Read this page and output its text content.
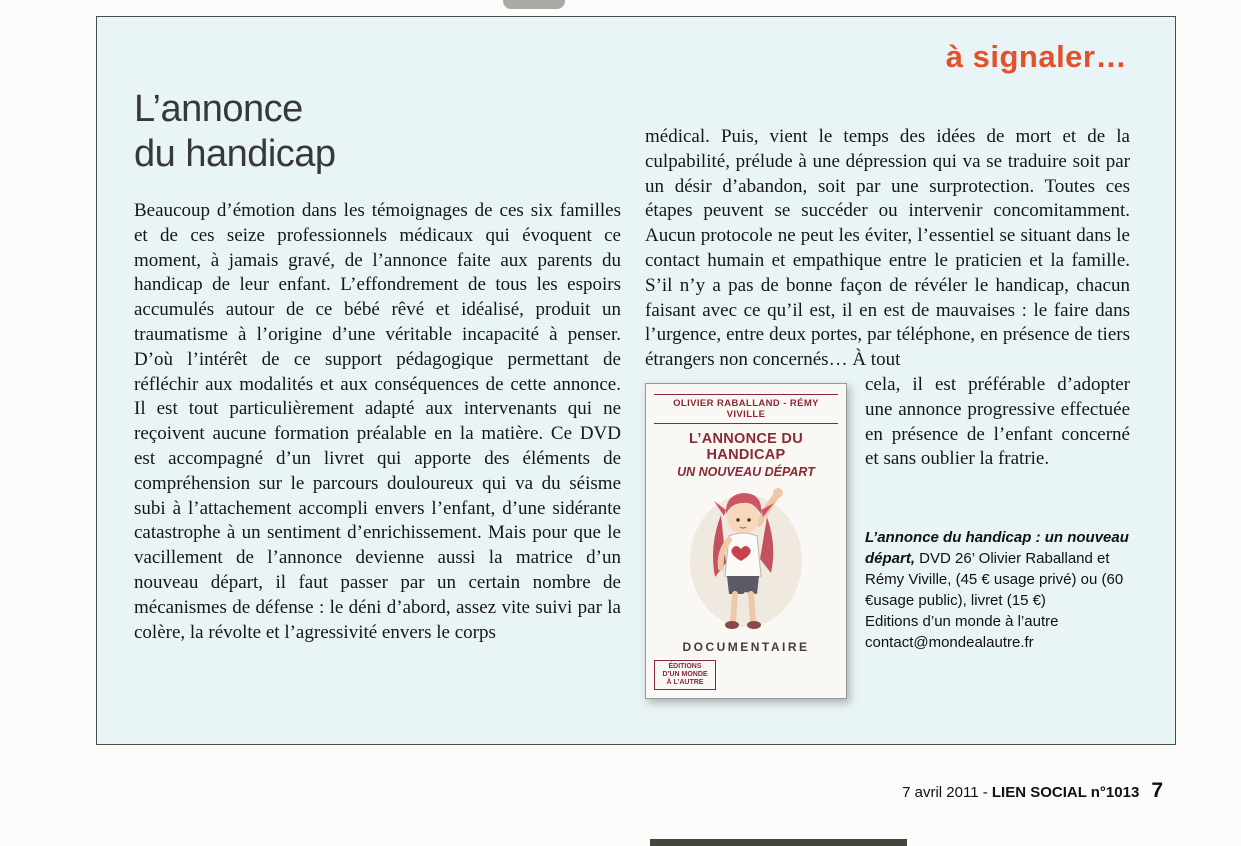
à signaler…
L’annonce
du handicap

Beaucoup d’émotion dans les témoignages de ces six familles et de ces seize professionnels médicaux qui évoquent ce moment, à jamais gravé, de l’annonce faite aux parents du handicap de leur enfant. L’effondrement de tous les espoirs accumulés autour de ce bébé rêvé et idéalisé, produit un traumatisme à l’origine d’une véritable incapacité à penser. D’où l’intérêt de ce support pédagogique permettant de réfléchir aux modalités et aux conséquences de cette annonce. Il est tout particulièrement adapté aux intervenants qui ne reçoivent aucune formation préalable en la matière. Ce DVD est accompagné d’un livret qui apporte des éléments de compréhension sur le parcours douloureux qui va du séisme subi à l’attachement accompli envers l’enfant, d’une sidérante catastrophe à un sentiment d’enrichissement. Mais pour que le vacillement de l’annonce devienne aussi la matrice d’un nouveau départ, il faut passer par un certain nombre de mécanismes de défense : le déni d’abord, assez vite suivi par la colère, la révolte et l’agressivité envers le corps

médical. Puis, vient le temps des idées de mort et de la culpabilité, prélude à une dépression qui va se traduire soit par un désir d’abandon, soit par une surprotection. Toutes ces étapes peuvent se succéder ou intervenir concomitamment. Aucun protocole ne peut les éviter, l’essentiel se situant dans le contact humain et empathique entre le praticien et la famille. S’il n’y a pas de bonne façon de révéler le handicap, chacun faisant avec ce qu’il est, il en est de mauvaises : le faire dans l’urgence, entre deux portes, par téléphone, en présence de tiers étrangers non concernés… À tout

OLIVIER RABALLAND - RÉMY VIVILLE
L’ANNONCE DU HANDICAP
UN NOUVEAU DÉPART
DOCUMENTAIRE
ÉDITIONS
D’UN MONDE
À L’AUTRE

cela, il est préférable d’adopter une annonce progressive effectuée en présence de l’enfant concerné et sans oublier la fratrie.

L’annonce du handicap : un nouveau départ, DVD 26’ Olivier Raballand et Rémy Viville, (45 € usage privé) ou (60 €usage public), livret (15 €)
Editions d’un monde à l’autre
contact@mondealautre.fr
7 avril 2011 - LIEN SOCIAL n°1013 7
